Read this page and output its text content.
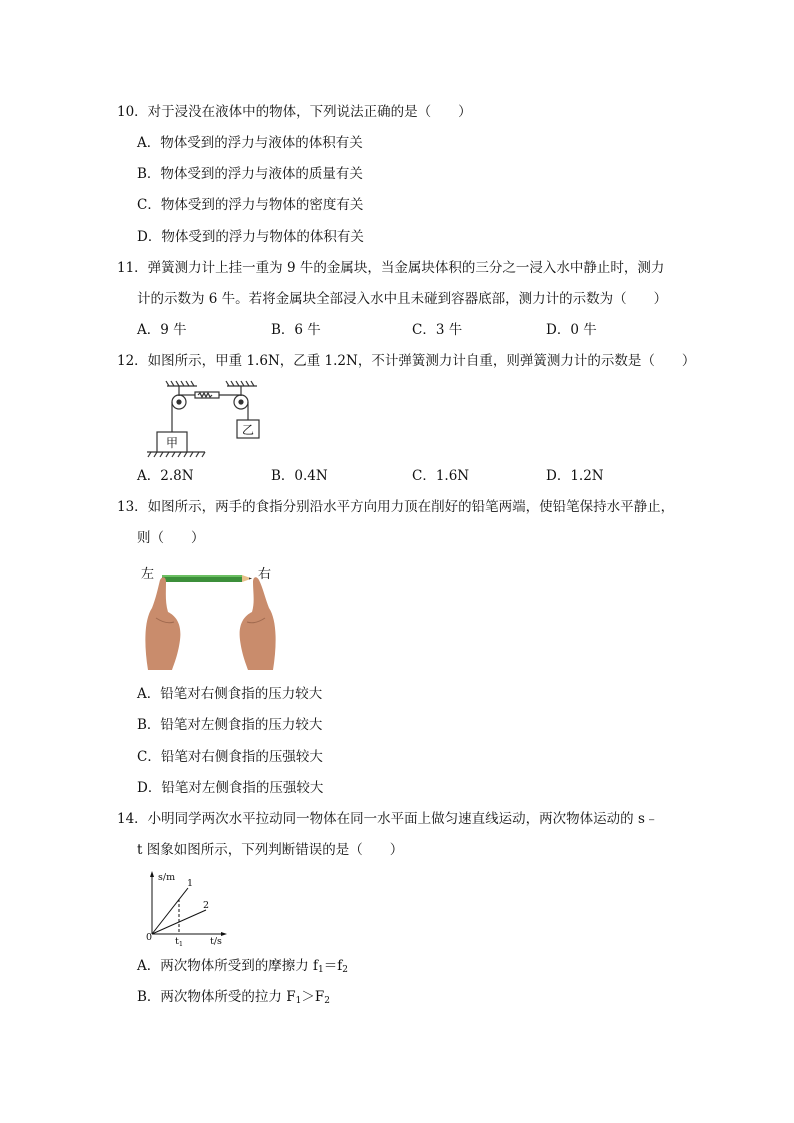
10．对于浸没在液体中的物体，下列说法正确的是（　　）
A．物体受到的浮力与液体的体积有关
B．物体受到的浮力与液体的质量有关
C．物体受到的浮力与物体的密度有关
D．物体受到的浮力与物体的体积有关
11．弹簧测力计上挂一重为 9 牛的金属块，当金属块体积的三分之一浸入水中静止时，测力
计的示数为 6 牛。若将金属块全部浸入水中且未碰到容器底部，测力计的示数为（　　）
A．9 牛	B．6 牛	C．3 牛	D．0 牛
12．如图所示，甲重 1.6N，乙重 1.2N，不计弹簧测力计自重，则弹簧测力计的示数是（　　）
甲
乙
A．2.8N	B．0.4N	C．1.6N	D．1.2N
13．如图所示，两手的食指分别沿水平方向用力顶在削好的铅笔两端，使铅笔保持水平静止，
则（　　）
左	右
A．铅笔对右侧食指的压力较大
B．铅笔对左侧食指的压力较大
C．铅笔对右侧食指的压强较大
D．铅笔对左侧食指的压强较大
14．小明同学两次水平拉动同一物体在同一水平面上做匀速直线运动，两次物体运动的 s﹣
t 图象如图所示，下列判断错误的是（　　）
s/m
t/s
0 $t_1$
1
2
A．两次物体所受到的摩擦力 $f_1=f_2$
B．两次物体所受的拉力 $F_1>F_2$
